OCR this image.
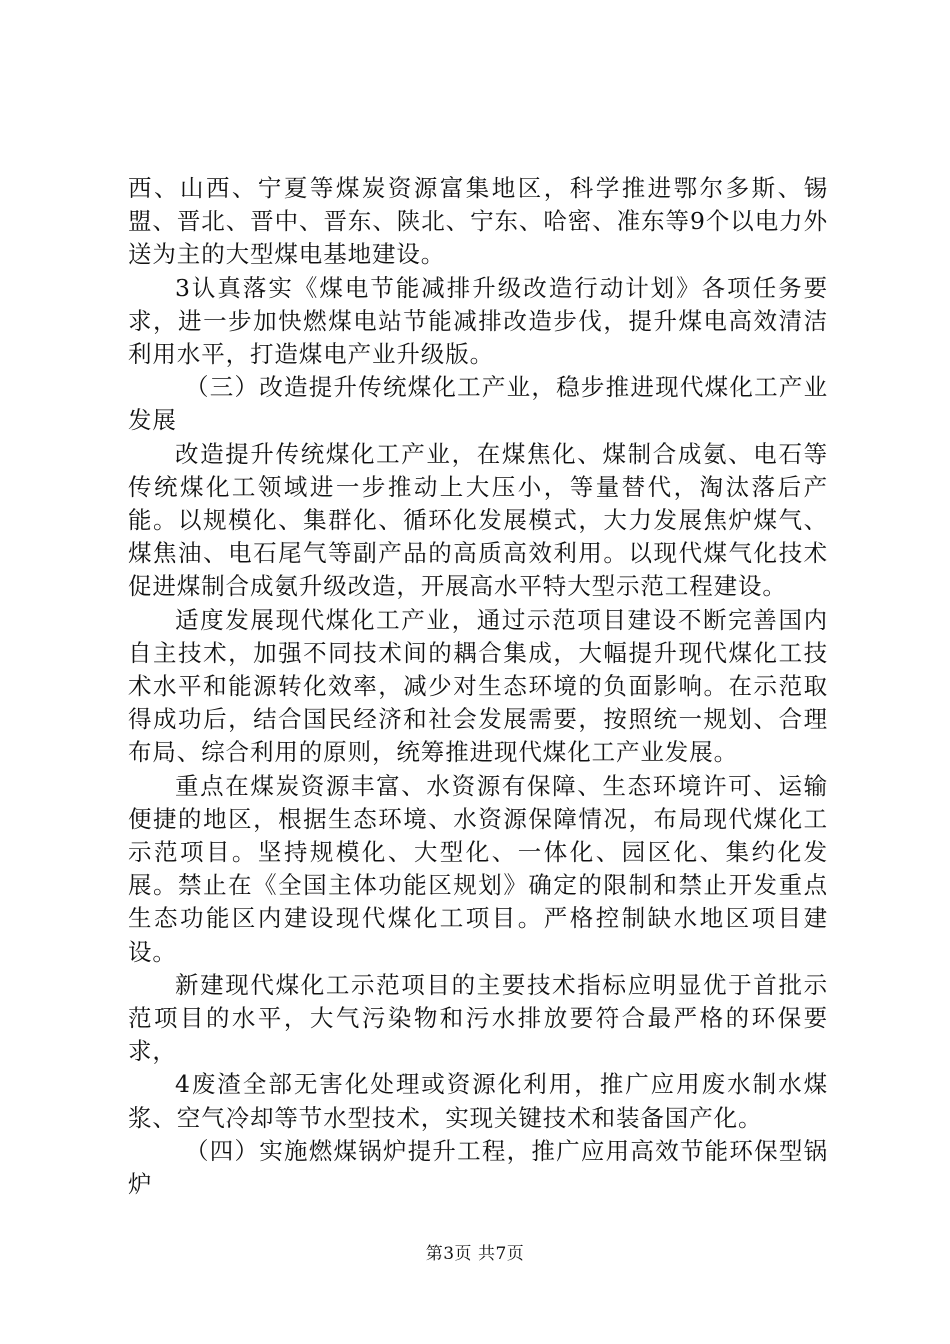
西、山西、宁夏等煤炭资源富集地区，科学推进鄂尔多斯、锡盟、晋北、晋中、晋东、陕北、宁东、哈密、准东等9个以电力外送为主的大型煤电基地建设。

3认真落实《煤电节能减排升级改造行动计划》各项任务要求，进一步加快燃煤电站节能减排改造步伐，提升煤电高效清洁利用水平，打造煤电产业升级版。

（三）改造提升传统煤化工产业，稳步推进现代煤化工产业发展

改造提升传统煤化工产业，在煤焦化、煤制合成氨、电石等传统煤化工领域进一步推动上大压小，等量替代，淘汰落后产能。以规模化、集群化、循环化发展模式，大力发展焦炉煤气、煤焦油、电石尾气等副产品的高质高效利用。以现代煤气化技术促进煤制合成氨升级改造，开展高水平特大型示范工程建设。

适度发展现代煤化工产业，通过示范项目建设不断完善国内自主技术，加强不同技术间的耦合集成，大幅提升现代煤化工技术水平和能源转化效率，减少对生态环境的负面影响。在示范取得成功后，结合国民经济和社会发展需要，按照统一规划、合理布局、综合利用的原则，统筹推进现代煤化工产业发展。

重点在煤炭资源丰富、水资源有保障、生态环境许可、运输便捷的地区，根据生态环境、水资源保障情况，布局现代煤化工示范项目。坚持规模化、大型化、一体化、园区化、集约化发展。禁止在《全国主体功能区规划》确定的限制和禁止开发重点生态功能区内建设现代煤化工项目。严格控制缺水地区项目建设。

新建现代煤化工示范项目的主要技术指标应明显优于首批示范项目的水平，大气污染物和污水排放要符合最严格的环保要求，

4废渣全部无害化处理或资源化利用，推广应用废水制水煤浆、空气冷却等节水型技术，实现关键技术和装备国产化。

（四）实施燃煤锅炉提升工程，推广应用高效节能环保型锅炉

第3页 共7页
